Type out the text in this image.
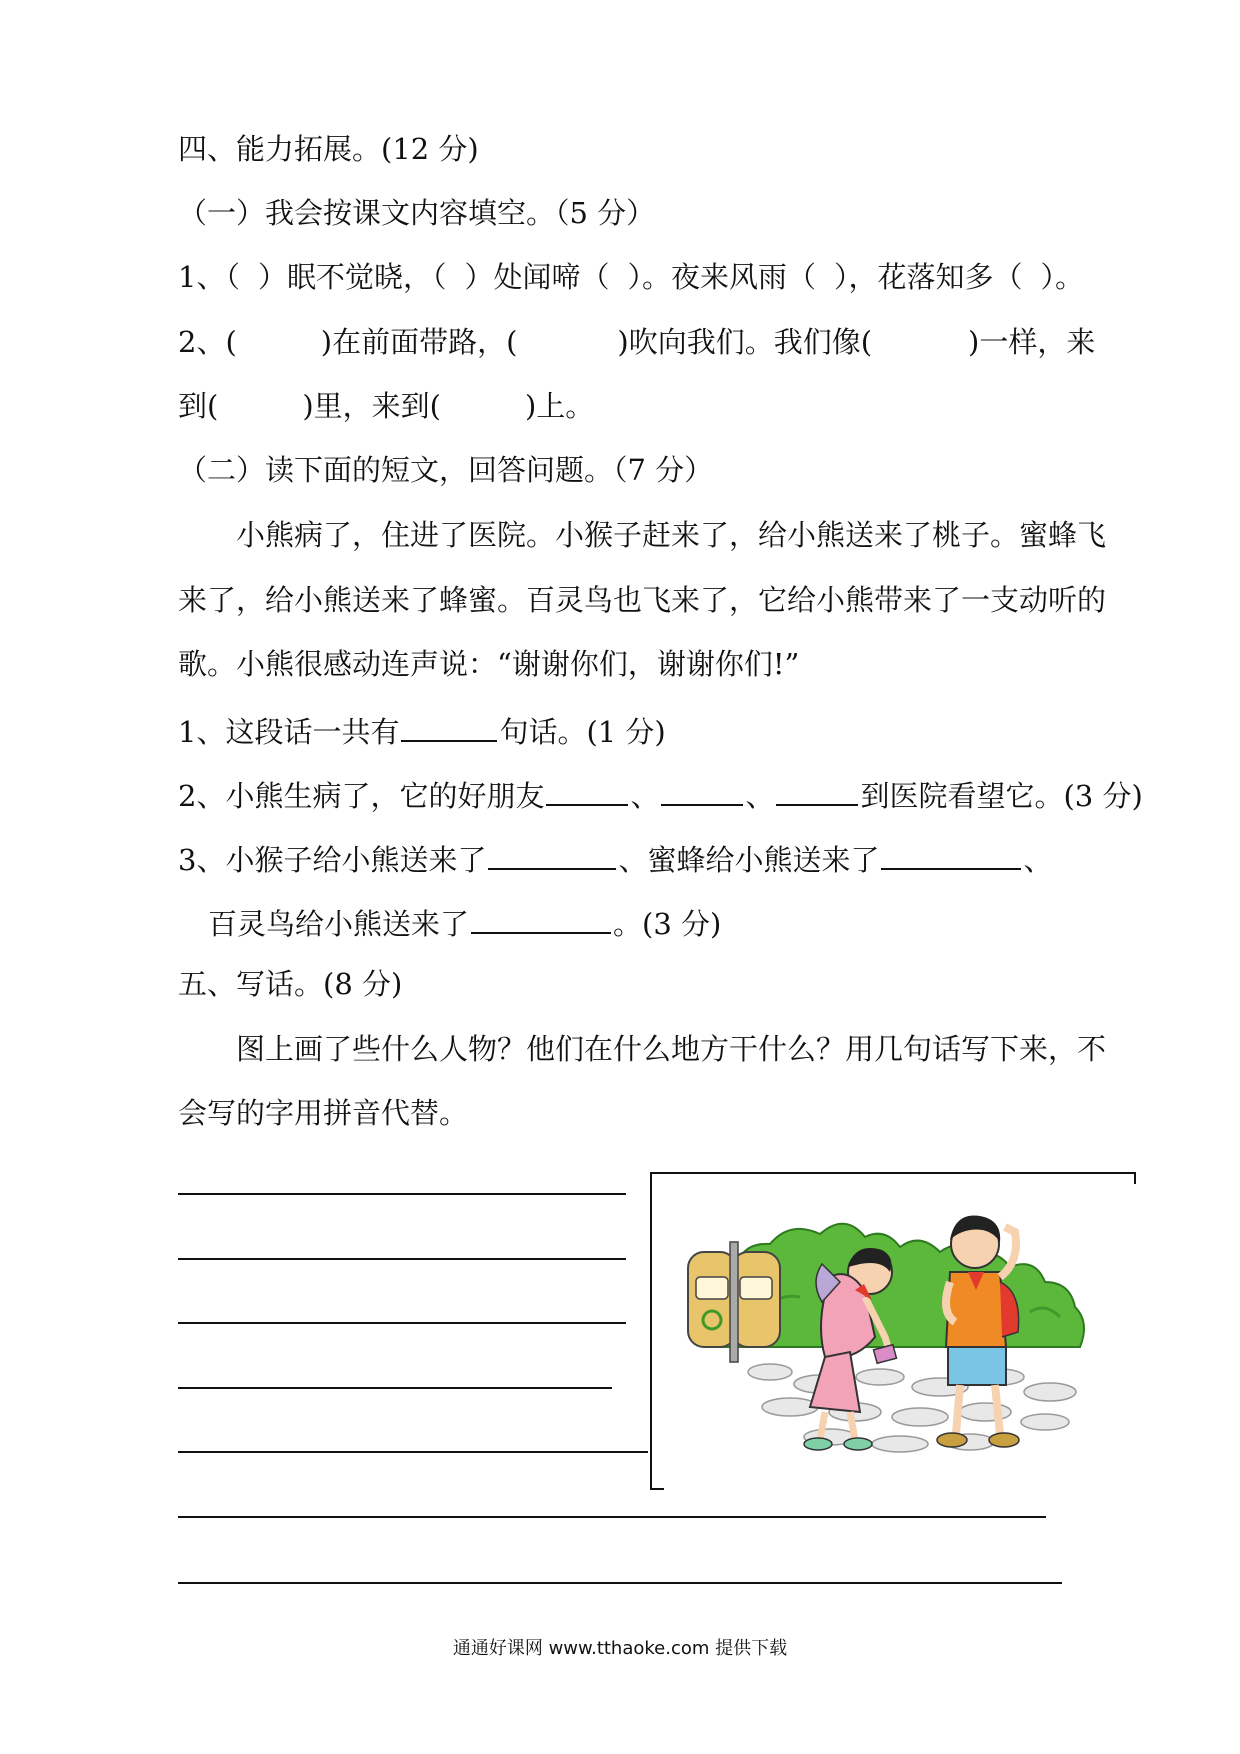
四、能力拓展。(12 分)
（一）我会按课文内容填空。（5 分）
1、（ ）眠不觉晓，（ ）处闻啼（ ）。夜来风雨（ ），花落知多（ ）。
2、(	)在前面带路，(	)吹向我们。我们像(	)一样，来
到(	)里，来到(	)上。
（二）读下面的短文，回答问题。（7 分）
小熊病了，住进了医院。小猴子赶来了，给小熊送来了桃子。蜜蜂飞
来了，给小熊送来了蜂蜜。百灵鸟也飞来了，它给小熊带来了一支动听的
歌。小熊很感动连声说：“谢谢你们，谢谢你们!”
1、这段话一共有	句话。(1 分)
2、小熊生病了，它的好朋友	、	、	到医院看望它。(3 分)
3、小猴子给小熊送来了	、蜜蜂给小熊送来了	、
百灵鸟给小熊送来了	。(3 分)
五、写话。(8 分)
图上画了些什么人物？他们在什么地方干什么？用几句话写下来，不
会写的字用拼音代替。
通通好课网 www.tthaoke.com 提供下载
